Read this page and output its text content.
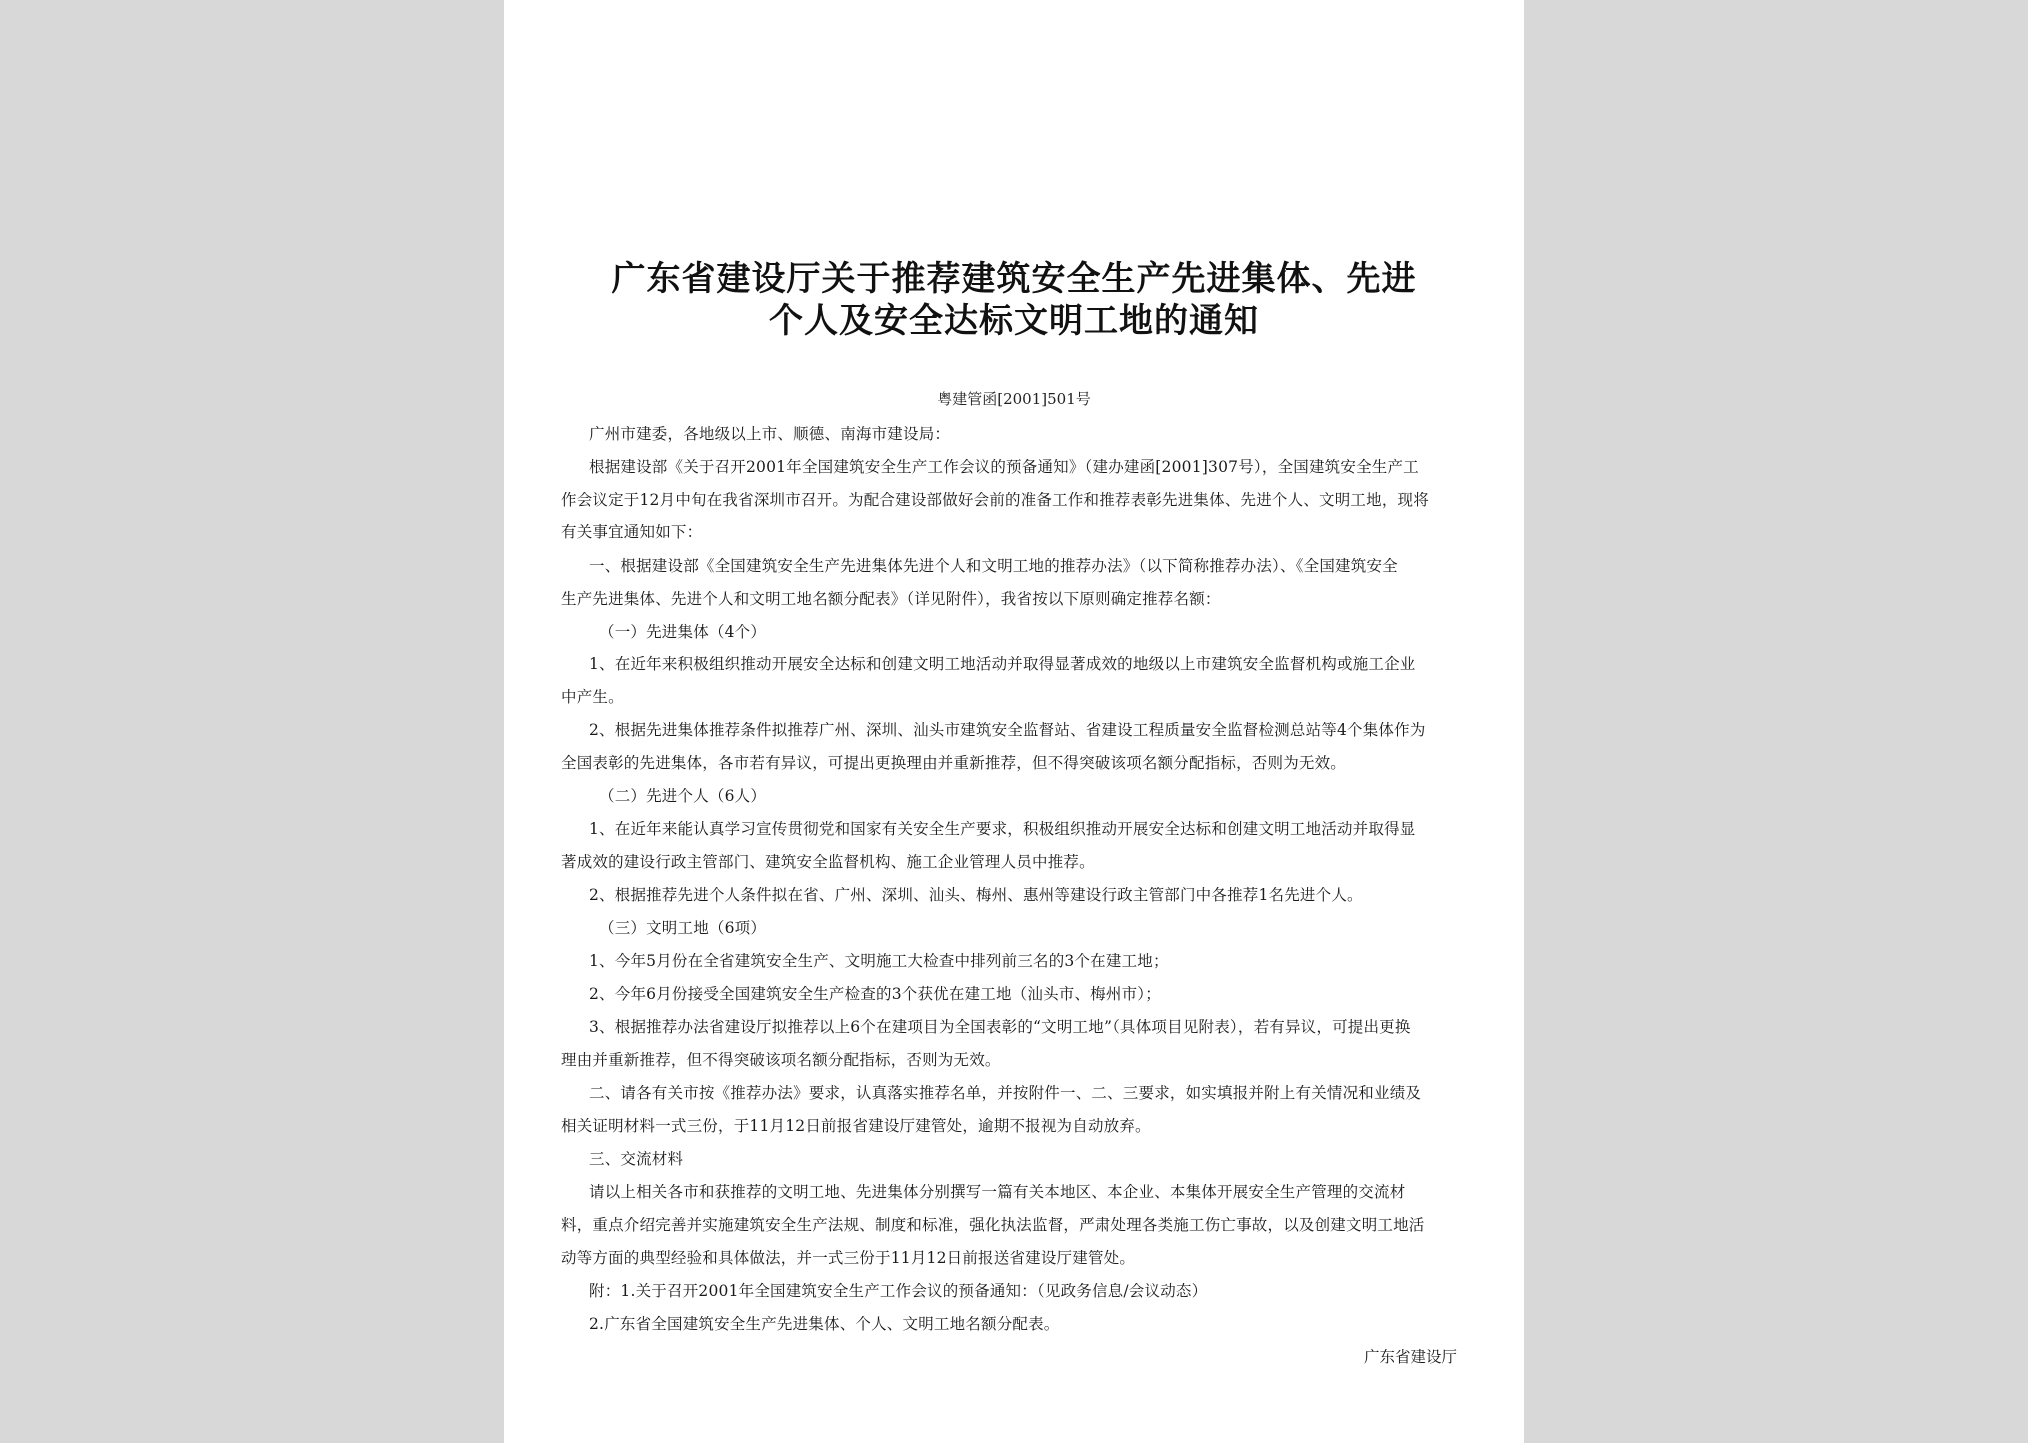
广东省建设厅关于推荐建筑安全生产先进集体、先进
个人及安全达标文明工地的通知
粤建管函[2001]501号
广州市建委，各地级以上市、顺德、南海市建设局：
根据建设部《关于召开2001年全国建筑安全生产工作会议的预备通知》（建办建函[2001]307号），全国建筑安全生产工
作会议定于12月中旬在我省深圳市召开。为配合建设部做好会前的准备工作和推荐表彰先进集体、先进个人、文明工地，现将
有关事宜通知如下：
一、根据建设部《全国建筑安全生产先进集体先进个人和文明工地的推荐办法》（以下简称推荐办法）、《全国建筑安全
生产先进集体、先进个人和文明工地名额分配表》（详见附件），我省按以下原则确定推荐名额：
（一）先进集体（4个）
1、在近年来积极组织推动开展安全达标和创建文明工地活动并取得显著成效的地级以上市建筑安全监督机构或施工企业
中产生。
2、根据先进集体推荐条件拟推荐广州、深圳、汕头市建筑安全监督站、省建设工程质量安全监督检测总站等4个集体作为
全国表彰的先进集体，各市若有异议，可提出更换理由并重新推荐，但不得突破该项名额分配指标，否则为无效。
（二）先进个人（6人）
1、在近年来能认真学习宣传贯彻党和国家有关安全生产要求，积极组织推动开展安全达标和创建文明工地活动并取得显
著成效的建设行政主管部门、建筑安全监督机构、施工企业管理人员中推荐。
2、根据推荐先进个人条件拟在省、广州、深圳、汕头、梅州、惠州等建设行政主管部门中各推荐1名先进个人。
（三）文明工地（6项）
1、今年5月份在全省建筑安全生产、文明施工大检查中排列前三名的3个在建工地；
2、今年6月份接受全国建筑安全生产检查的3个获优在建工地（汕头市、梅州市）；
3、根据推荐办法省建设厅拟推荐以上6个在建项目为全国表彰的“文明工地”（具体项目见附表），若有异议，可提出更换
理由并重新推荐，但不得突破该项名额分配指标，否则为无效。
二、请各有关市按《推荐办法》要求，认真落实推荐名单，并按附件一、二、三要求，如实填报并附上有关情况和业绩及
相关证明材料一式三份，于11月12日前报省建设厅建管处，逾期不报视为自动放弃。
三、交流材料
请以上相关各市和获推荐的文明工地、先进集体分别撰写一篇有关本地区、本企业、本集体开展安全生产管理的交流材
料，重点介绍完善并实施建筑安全生产法规、制度和标准，强化执法监督，严肃处理各类施工伤亡事故，以及创建文明工地活
动等方面的典型经验和具体做法，并一式三份于11月12日前报送省建设厅建管处。
附：1.关于召开2001年全国建筑安全生产工作会议的预备通知：（见政务信息/会议动态）
2.广东省全国建筑安全生产先进集体、个人、文明工地名额分配表。
广东省建设厅
